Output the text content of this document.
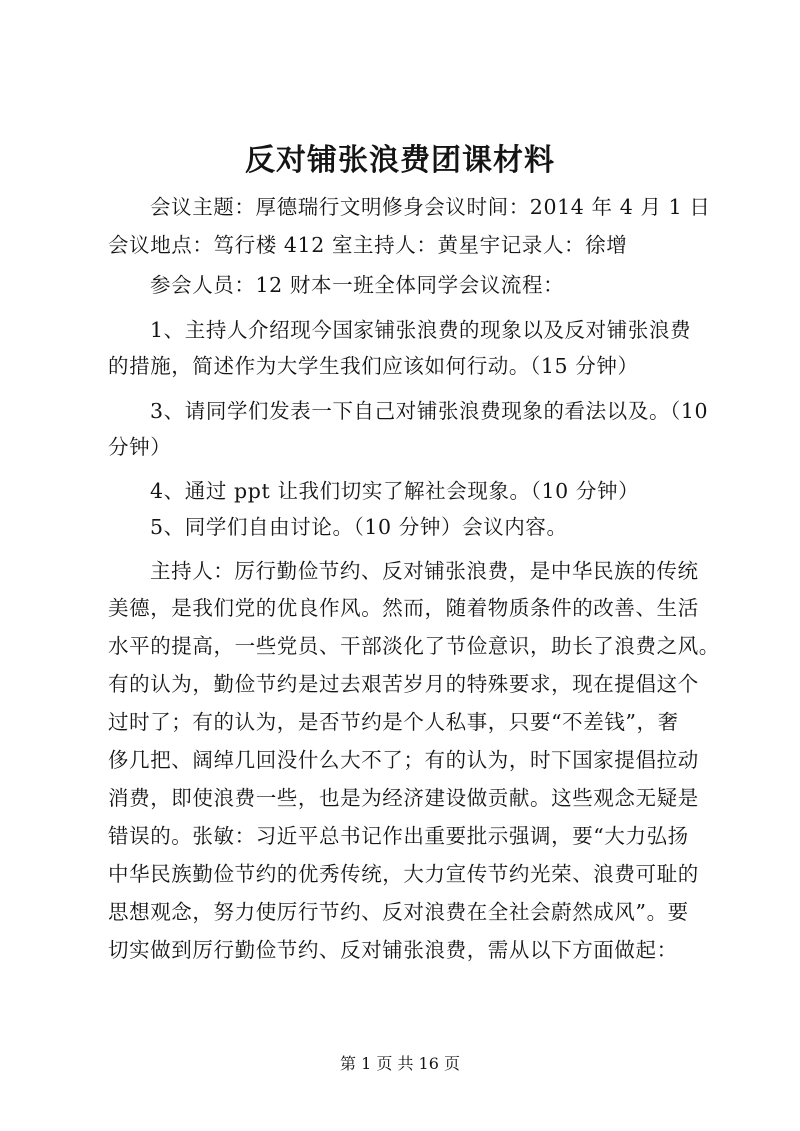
反对铺张浪费团课材料

会议主题：厚德瑞行文明修身会议时间：2014 年 4 月 1 日

会议地点：笃行楼 412 室主持人：黄星宇记录人：徐增

参会人员：12 财本一班全体同学会议流程：

1、主持人介绍现今国家铺张浪费的现象以及反对铺张浪费

的措施，简述作为大学生我们应该如何行动。（15 分钟）

3、请同学们发表一下自己对铺张浪费现象的看法以及。（10

分钟）

4、通过 ppt 让我们切实了解社会现象。（10 分钟）

5、同学们自由讨论。（10 分钟）会议内容。

主持人：厉行勤俭节约、反对铺张浪费，是中华民族的传统

美德，是我们党的优良作风。然而，随着物质条件的改善、生活

水平的提高，一些党员、干部淡化了节俭意识，助长了浪费之风。

有的认为，勤俭节约是过去艰苦岁月的特殊要求，现在提倡这个

过时了；有的认为，是否节约是个人私事，只要“不差钱”，奢

侈几把、阔绰几回没什么大不了；有的认为，时下国家提倡拉动

消费，即使浪费一些，也是为经济建设做贡献。这些观念无疑是

错误的。张敏：习近平总书记作出重要批示强调，要“大力弘扬

中华民族勤俭节约的优秀传统，大力宣传节约光荣、浪费可耻的

思想观念，努力使厉行节约、反对浪费在全社会蔚然成风”。要

切实做到厉行勤俭节约、反对铺张浪费，需从以下方面做起：

第 1 页 共 16 页
